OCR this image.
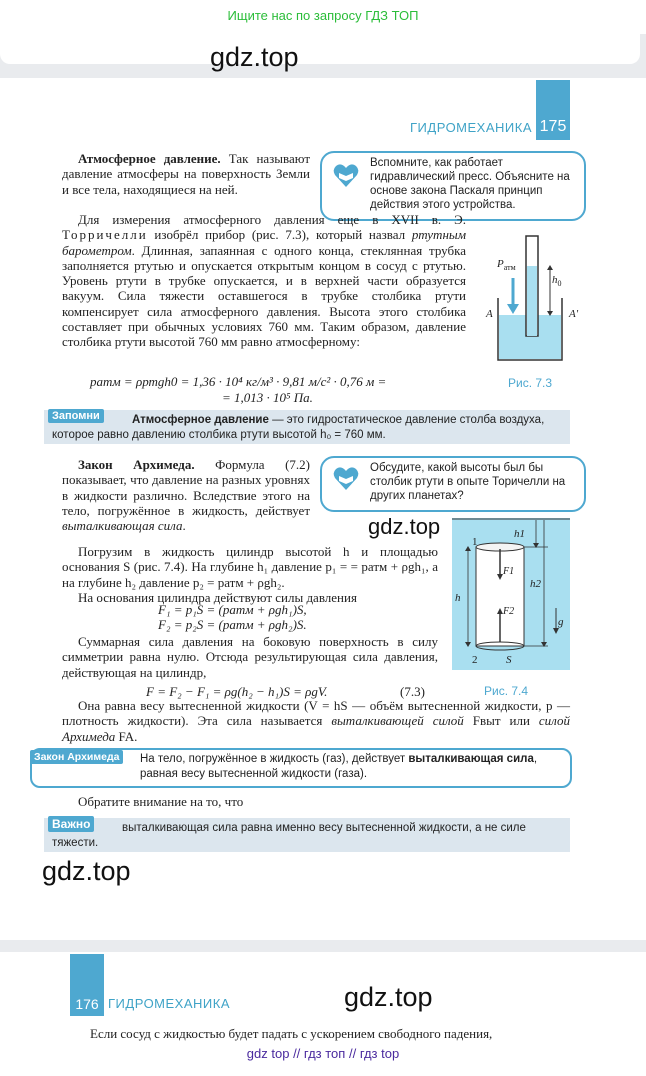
Ищите нас по запросу ГДЗ ТОП
gdz.top
ГИДРОМЕХАНИКА 175
Вспомните, как работает гидравлический пресс. Объясните на основе закона Паскаля принцип действия этого устройства.

Атмосферное давление. Так называют давление атмосферы на поверхность Земли и все тела, находящиеся на ней.

Для измерения атмосферного давления еще в XVII в. Э. Торричелли изобрёл прибор (рис. 7.3), который назвал ртутным барометром. Длинная, запаянная с одного конца, стеклянная трубка заполняется ртутью и опускается открытым концом в сосуд с ртутью. Уровень ртути в трубке опускается, и в верхней части образуется вакуум. Сила тяжести оставшегося в трубке столбика ртути компенсирует сила атмосферного давления. Высота этого столбика составляет при обычных условиях 760 мм. Таким образом, давление столбика ртути высотой 760 мм равно атмосферному:

pатм = ρртgh0 = 1,36 · 10⁴ кг/м³ · 9,81 м/с² · 0,76 м =
= 1,013 · 10⁵ Па.
$P_{атм}$
$h_0$
A	A'
Рис. 7.3
Запомни	Атмосферное давление — это гидростатическое давление столба воздуха, которое равно давлению столбика ртути высотой h₀ = 760 мм.
Обсудите, какой высоты был бы столбик ртути в опыте Торичелли на других планетах?

Закон Архимеда. Формула (7.2) показывает, что давление на разных уровнях в жидкости различно. Вследствие этого на тело, погружённое в жидкость, действует выталкивающая сила.	gdz.top

Погрузим в жидкость цилиндр высотой h и площадью основания S (рис. 7.4). На глубине h₁ давление p₁ = = pатм + ρgh₁, а на глубине h₂ давление p₂ = pатм + ρgh₂.

На основания цилиндра действуют силы давления

F₁ = p₁S = (pатм + ρgh₁)S,
F₂ = p₂S = (pатм + ρgh₂)S.

Суммарная сила давления на боковую поверхность в силу симметрии равна нулю. Отсюда результирующая сила давления, действующая на цилиндр,

F = F₂ − F₁ = ρg(h₂ − h₁)S = ρgV.	(7.3)

Она равна весу вытесненной жидкости (V = hS — объём вытесненной жидкости, p — плотность жидкости). Эта сила называется выталкивающей силой Fвыт или силой Архимеда FA.

1
2
h
h1
h2
F1
F2
S
g
Рис. 7.4
На тело, погружённое в жидкость (газ), действует выталкивающая сила, равная весу вытесненной жидкости (газа).
Закон Архимеда

Обратите внимание на то, что

Важно	выталкивающая сила равна именно весу вытесненной жидкости, а не силе тяжести.
gdz.top
176 ГИДРОМЕХАНИКА	gdz.top
Если сосуд с жидкостью будет падать с ускорением свободного падения,
gdz top // гдз топ // гдз top
